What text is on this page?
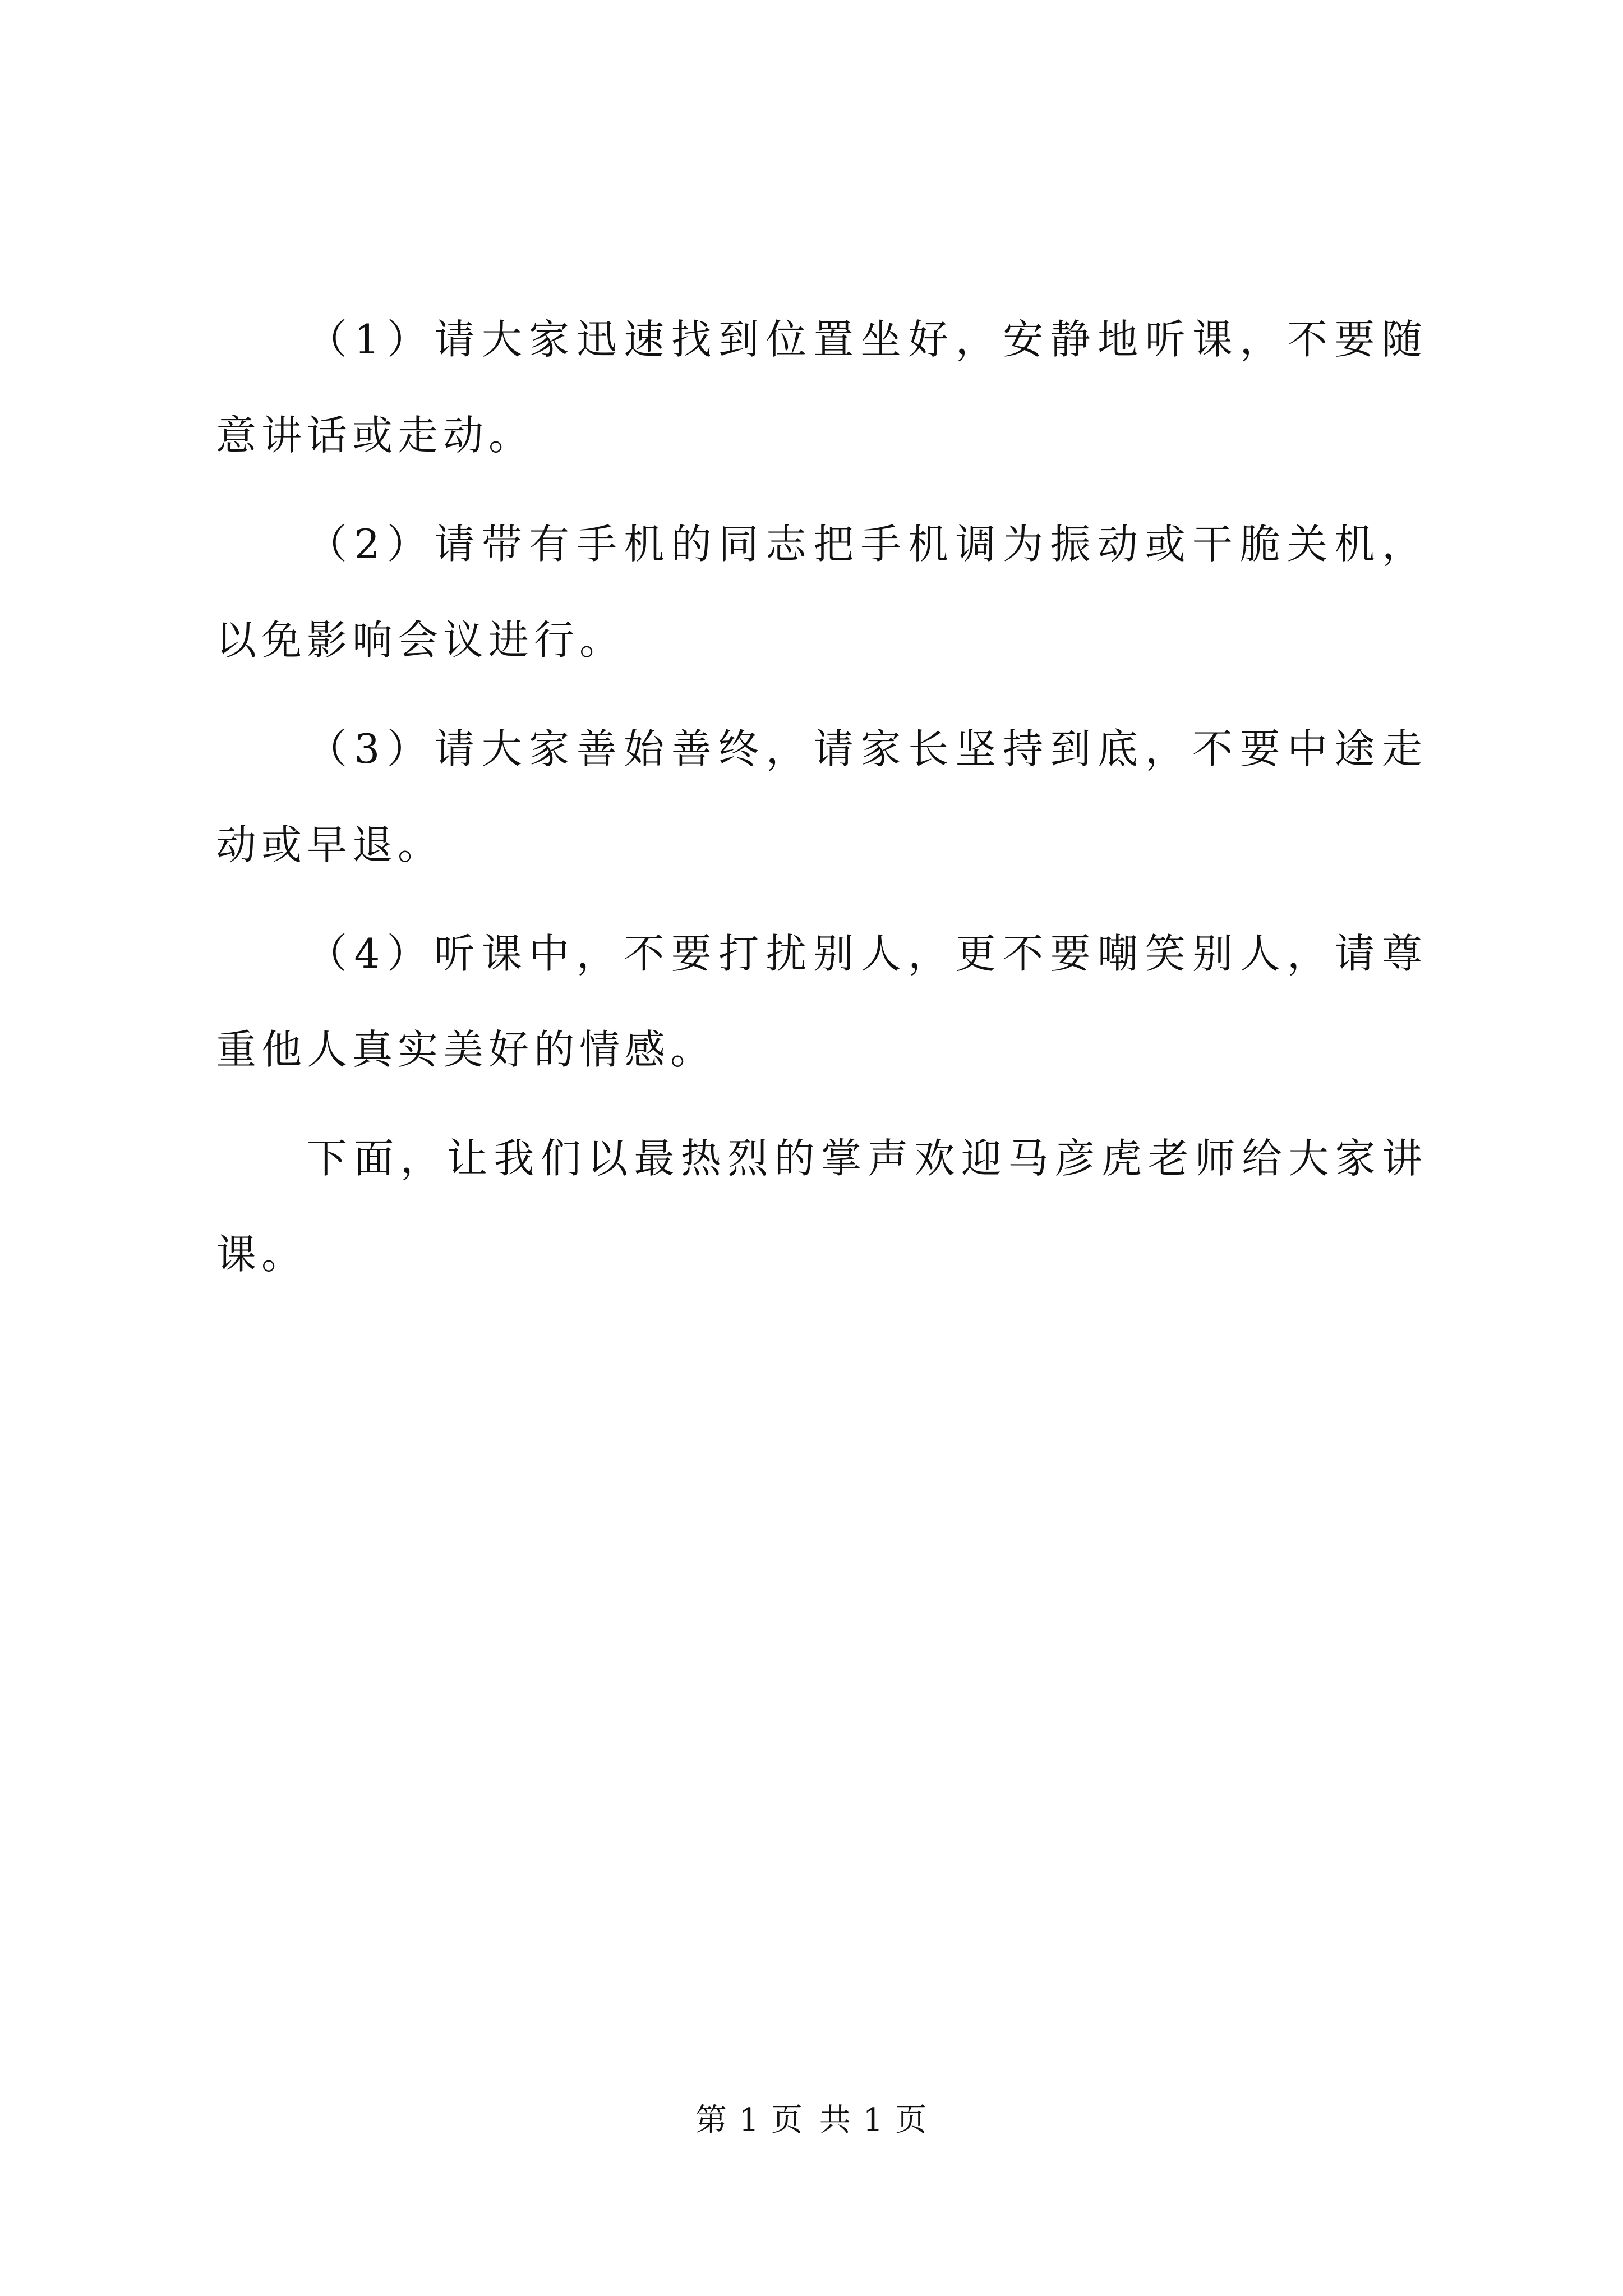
（1）请大家迅速找到位置坐好，安静地听课，不要随意讲话或走动。

（2）请带有手机的同志把手机调为振动或干脆关机，以免影响会议进行。

（3）请大家善始善终，请家长坚持到底，不要中途走动或早退。

（4）听课中，不要打扰别人，更不要嘲笑别人，请尊重他人真实美好的情感。

下面，让我们以最热烈的掌声欢迎马彦虎老师给大家讲课。

第 1 页 共 1 页
